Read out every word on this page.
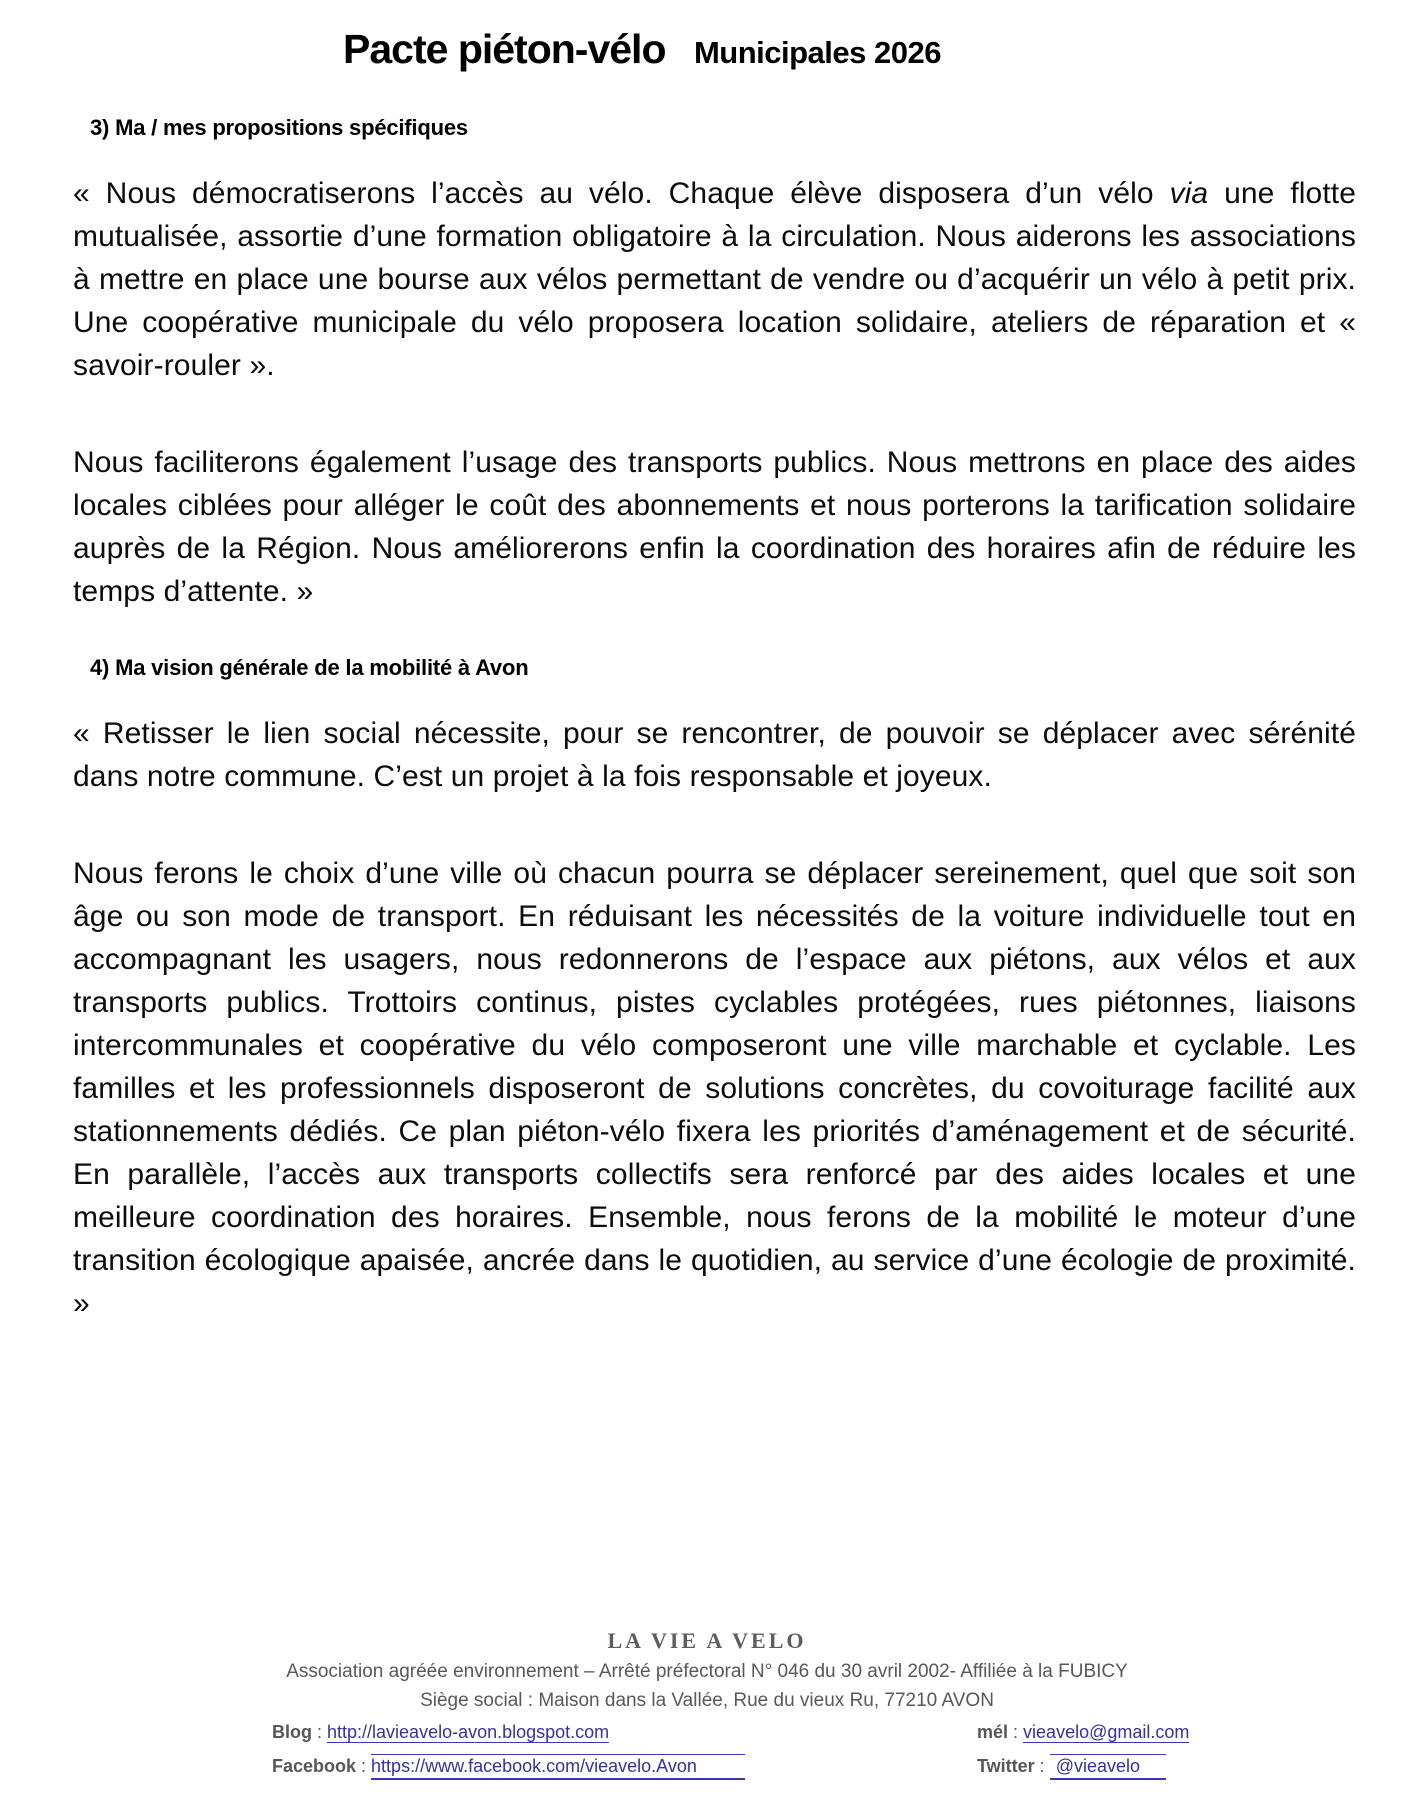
Pacte piéton-vélo Municipales 2026
3) Ma / mes propositions spécifiques

« Nous démocratiserons l’accès au vélo. Chaque élève disposera d’un vélo via une flotte mutualisée, assortie d’une formation obligatoire à la circulation. Nous aiderons les associations à mettre en place une bourse aux vélos permettant de vendre ou d’acquérir un vélo à petit prix. Une coopérative municipale du vélo proposera location solidaire, ateliers de réparation et « savoir-rouler ».

Nous faciliterons également l’usage des transports publics. Nous mettrons en place des aides locales ciblées pour alléger le coût des abonnements et nous porterons la tarification solidaire auprès de la Région. Nous améliorerons enfin la coordination des horaires afin de réduire les temps d’attente. »

4) Ma vision générale de la mobilité à Avon

« Retisser le lien social nécessite, pour se rencontrer, de pouvoir se déplacer avec sérénité dans notre commune. C’est un projet à la fois responsable et joyeux.

Nous ferons le choix d’une ville où chacun pourra se déplacer sereinement, quel que soit son âge ou son mode de transport. En réduisant les nécessités de la voiture individuelle tout en accompagnant les usagers, nous redonnerons de l’espace aux piétons, aux vélos et aux transports publics. Trottoirs continus, pistes cyclables protégées, rues piétonnes, liaisons intercommunales et coopérative du vélo composeront une ville marchable et cyclable. Les familles et les professionnels disposeront de solutions concrètes, du covoiturage facilité aux stationnements dédiés. Ce plan piéton-vélo fixera les priorités d’aménagement et de sécurité. En parallèle, l’accès aux transports collectifs sera renforcé par des aides locales et une meilleure coordination des horaires. Ensemble, nous ferons de la mobilité le moteur d’une transition écologique apaisée, ancrée dans le quotidien, au service d’une écologie de proximité. »

LA VIE A VELO
Association agréée environnement – Arrêté préfectoral N° 046 du 30 avril 2002- Affiliée à la FUBICY
Siège social : Maison dans la Vallée, Rue du vieux Ru, 77210 AVON
Blog : http://lavieavelo-avon.blogspot.com	mél : vieavelo@gmail.com
Facebook : https://www.facebook.com/vieavelo.Avon	Twitter : @vieavelo
